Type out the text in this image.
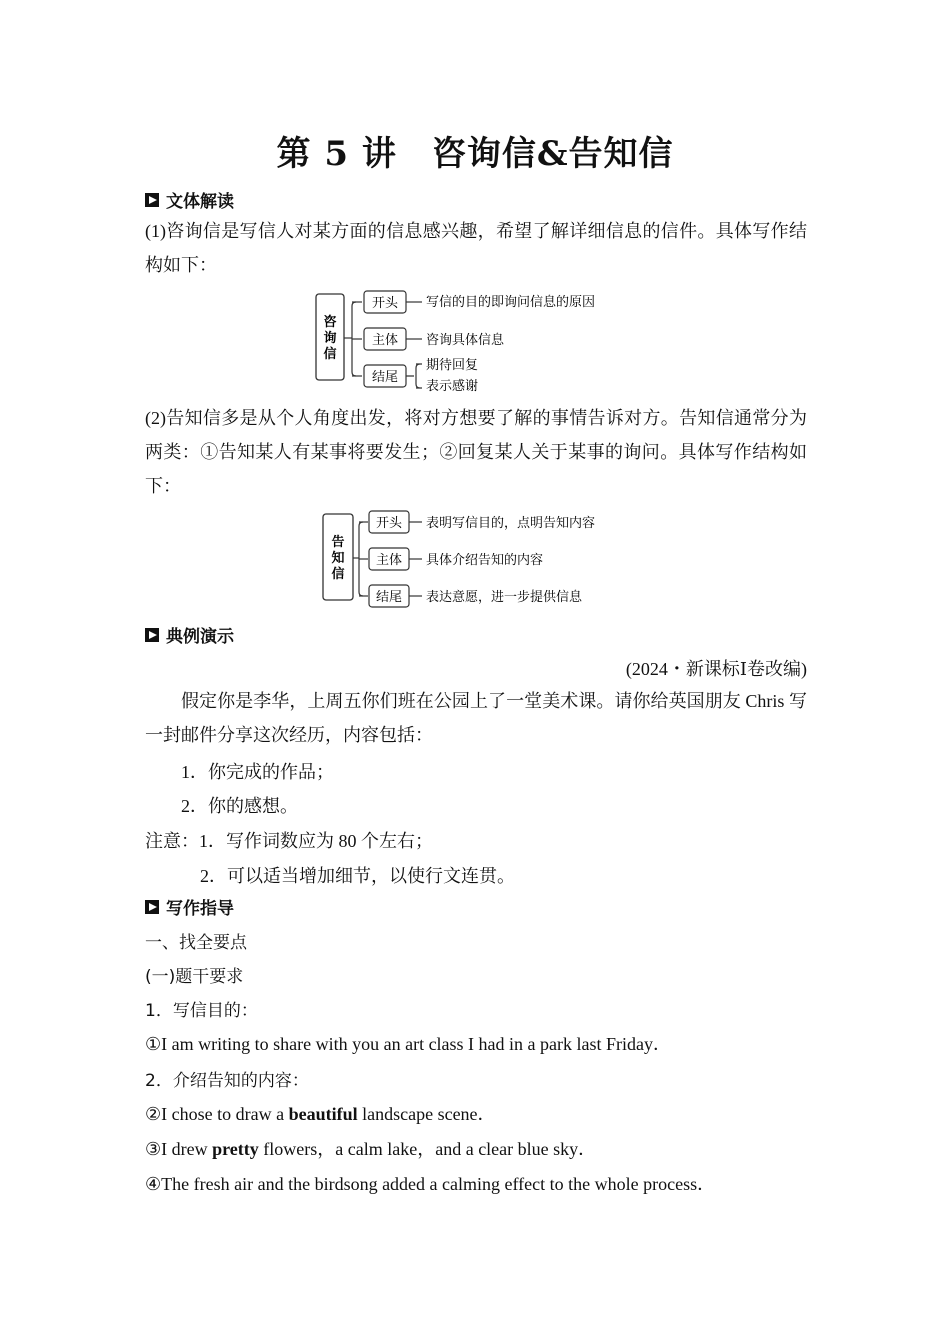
第 5 讲　咨询信&告知信
文体解读
(1)咨询信是写信人对某方面的信息感兴趣，希望了解详细信息的信件。具体写作结构如下：
咨
询
信
开头
主体
结尾
写信的目的即询问信息的原因
咨询具体信息
期待回复
表示感谢
(2)告知信多是从个人角度出发，将对方想要了解的事情告诉对方。告知信通常分为两类：①告知某人有某事将要发生；②回复某人关于某事的询问。具体写作结构如下：
告
知
信
开头
主体
结尾
表明写信目的，点明告知内容
具体介绍告知的内容
表达意愿，进一步提供信息
典例演示
(2024・新课标Ⅰ卷改编)
假定你是李华，上周五你们班在公园上了一堂美术课。请你给英国朋友 Chris 写一封邮件分享这次经历，内容包括：
1．你完成的作品；
2．你的感想。
注意：1．写作词数应为 80 个左右；
2．可以适当增加细节，以使行文连贯。
写作指导
一、找全要点
(一)题干要求
1．写信目的：
①I am writing to share with you an art class I had in a park last Friday．
2．介绍告知的内容：
②I chose to draw a beautiful landscape scene．
③I drew pretty flowers，a calm lake，and a clear blue sky．
④The fresh air and the birdsong added a calming effect to the whole process．
